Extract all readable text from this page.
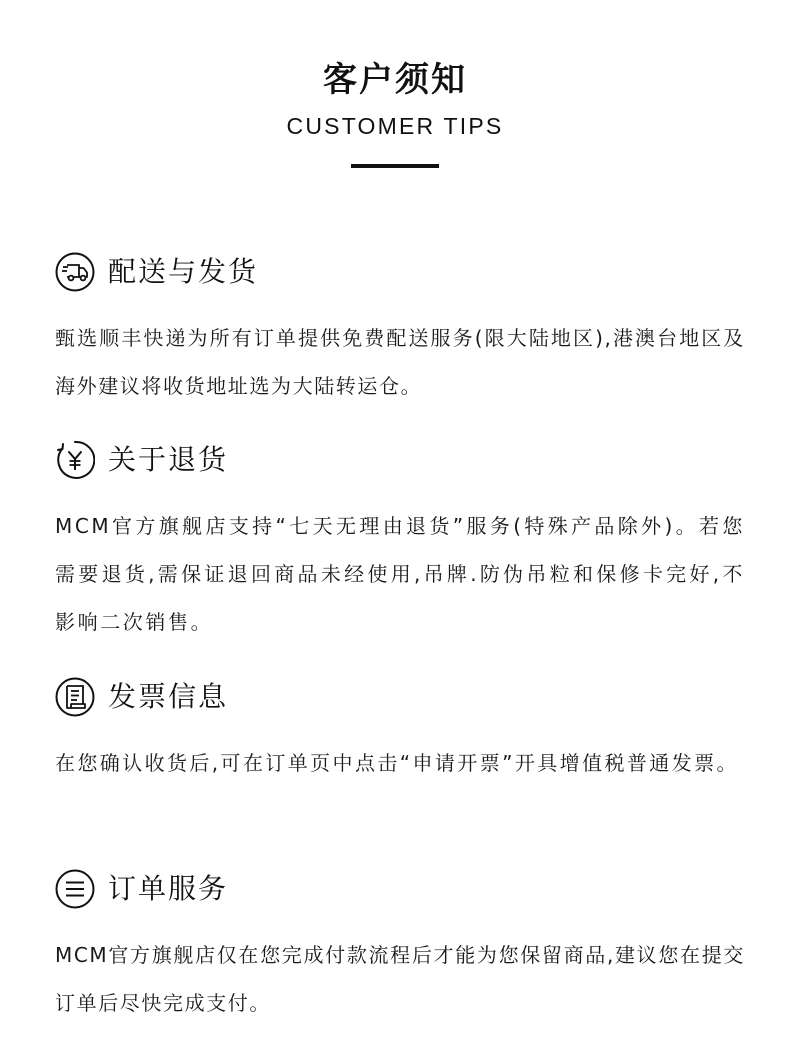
客户须知
CUSTOMER TIPS
配送与发货
甄选顺丰快递为所有订单提供免费配送服务(限大陆地区),港澳台地区及海外建议将收货地址选为大陆转运仓。
关于退货
MCM官方旗舰店支持“七天无理由退货”服务(特殊产品除外)。若您需要退货,需保证退回商品未经使用,吊牌.防伪吊粒和保修卡完好,不影响二次销售。
发票信息
在您确认收货后,可在订单页中点击“申请开票”开具增值税普通发票。
订单服务
MCM官方旗舰店仅在您完成付款流程后才能为您保留商品,建议您在提交订单后尽快完成支付。
